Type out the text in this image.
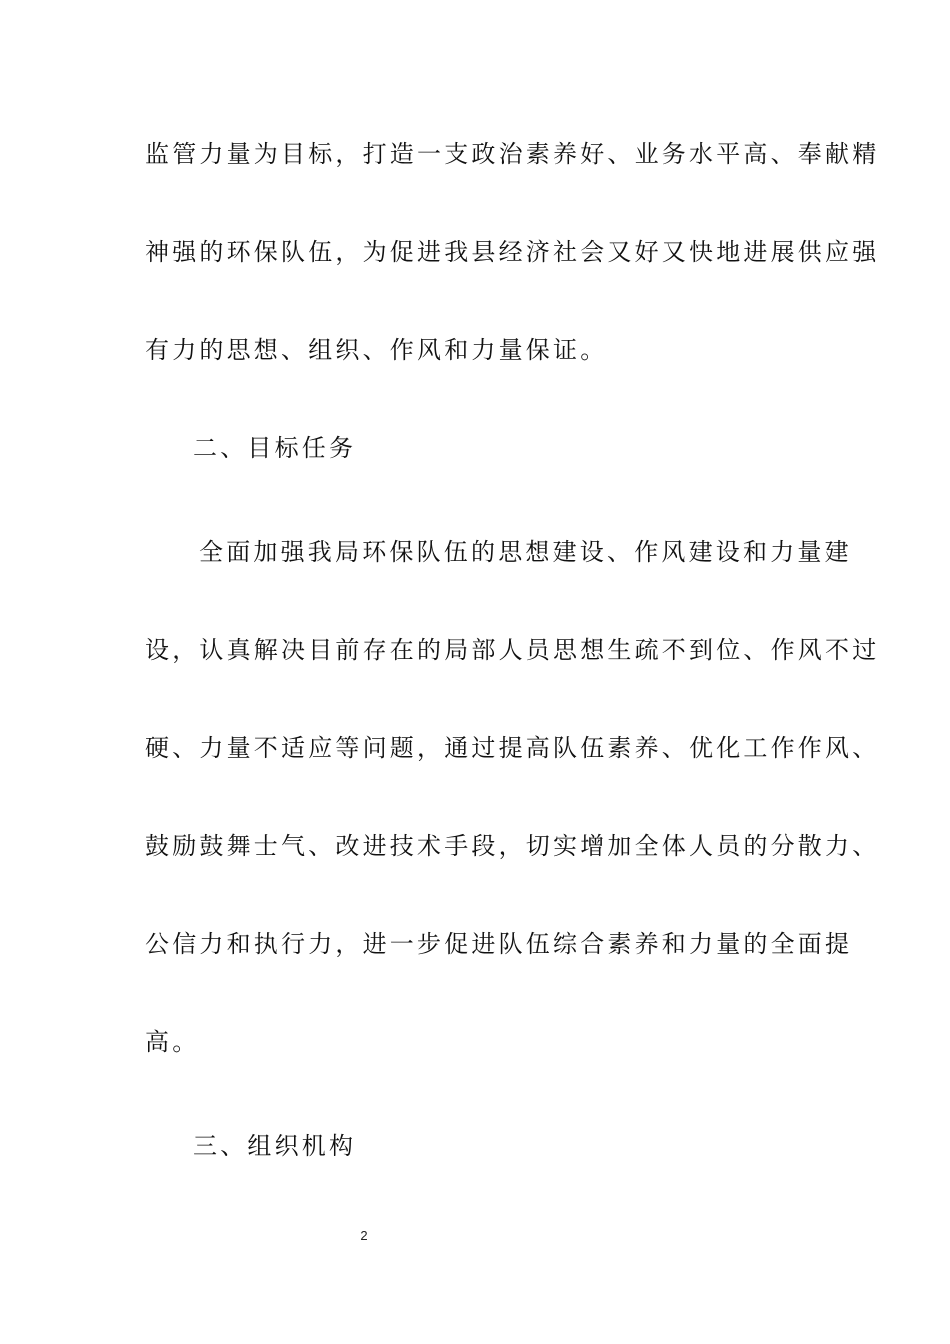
监管力量为目标，打造一支政治素养好、业务水平高、奉献精
神强的环保队伍，为促进我县经济社会又好又快地进展供应强
有力的思想、组织、作风和力量保证。
二、目标任务
全面加强我局环保队伍的思想建设、作风建设和力量建
设，认真解决目前存在的局部人员思想生疏不到位、作风不过
硬、力量不适应等问题，通过提高队伍素养、优化工作作风、
鼓励鼓舞士气、改进技术手段，切实增加全体人员的分散力、
公信力和执行力，进一步促进队伍综合素养和力量的全面提
高。
三、组织机构
2
